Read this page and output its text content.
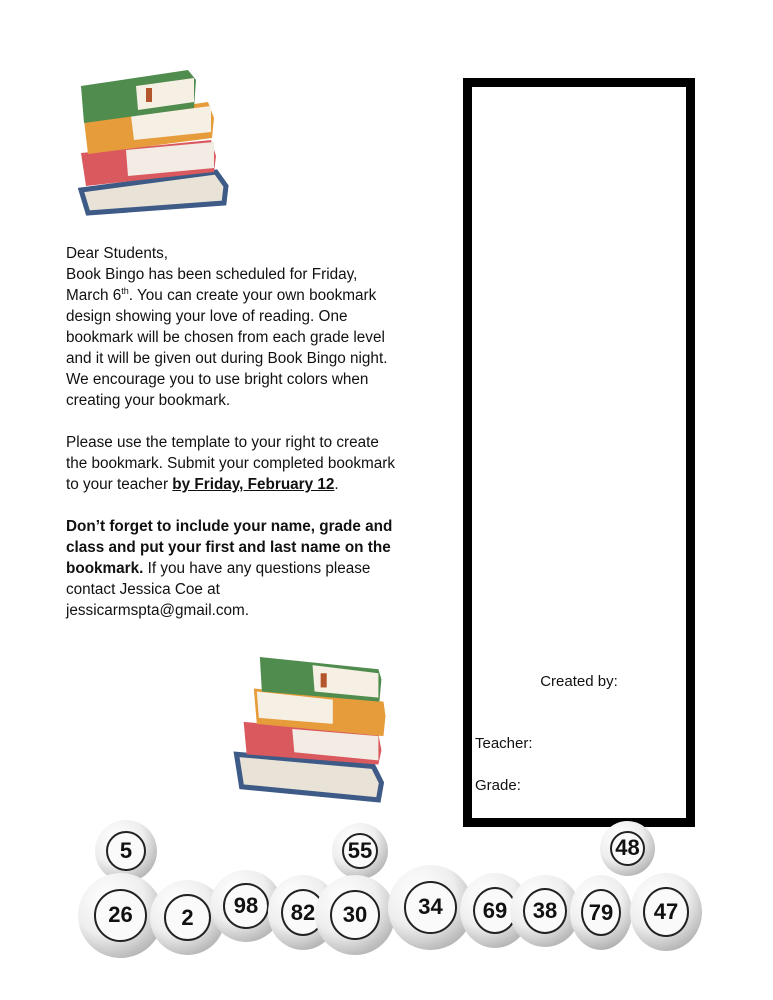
Dear Students,

Book Bingo has been scheduled for Friday, March 6th. You can create your own bookmark design showing your love of reading. One bookmark will be chosen from each grade level and it will be given out during Book Bingo night. We encourage you to use bright colors when creating your bookmark.

Please use the template to your right to create the bookmark. Submit your completed bookmark to your teacher by Friday, February 12.

Don’t forget to include your name, grade and class and put your first and last name on the bookmark. If you have any questions please contact Jessica Coe at jessicarmspta@gmail.com.

Created by:
Teacher:
Grade:
5
26	2	98	82
55
30	34	69	38	79
48
47
